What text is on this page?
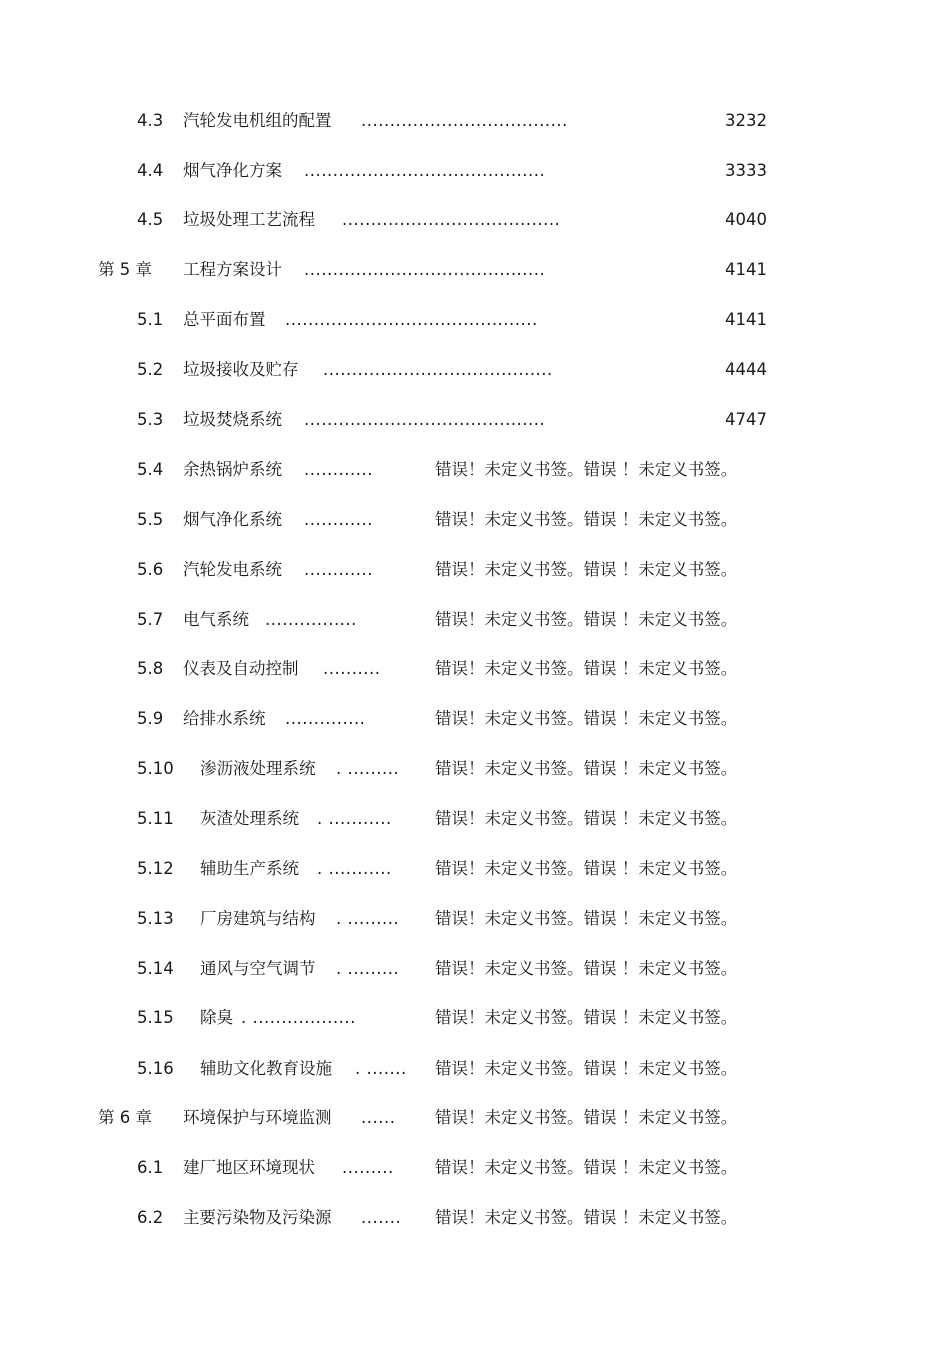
4.3 汽轮发电机组的配置 ....................................	3232
4.4 烟气净化方案 ..........................................	3333
4.5 垃圾处理工艺流程 ......................................	4040
第 5 章 工程方案设计 ..........................................	4141
5.1 总平面布置 ............................................	4141
5.2 垃圾接收及贮存 ........................................	4444
5.3 垃圾焚烧系统 ..........................................	4747
5.4 余热锅炉系统 ............	错误！未定义书签。错误 ！未定义书签。
5.5 烟气净化系统 ............	错误！未定义书签。错误 ！未定义书签。
5.6 汽轮发电系统 ............	错误！未定义书签。错误 ！未定义书签。
5.7 电气系统 ................	错误！未定义书签。错误 ！未定义书签。
5.8 仪表及自动控制 ..........	错误！未定义书签。错误 ！未定义书签。
5.9 给排水系统 ..............	错误！未定义书签。错误 ！未定义书签。
5.10 渗沥液处理系统 . ......... 错误！未定义书签。错误 ！未定义书签。
5.11 灰渣处理系统 . ...........	错误！未定义书签。错误 ！未定义书签。
5.12 辅助生产系统 . ...........	错误！未定义书签。错误 ！未定义书签。
5.13 厂房建筑与结构 . ......... 错误！未定义书签。错误 ！未定义书签。
5.14 通风与空气调节 . ......... 错误！未定义书签。错误 ！未定义书签。
5.15 除臭 . ..................	错误！未定义书签。错误 ！未定义书签。
5.16 辅助文化教育设施 . ....... 错误！未定义书签。错误 ！未定义书签。
第 6 章 环境保护与环境监测 ...... 错误！未定义书签。错误 ！未定义书签。
6.1 建厂地区环境现状 .........	错误！未定义书签。错误 ！未定义书签。
6.2 主要污染物及污染源 ....... 错误！未定义书签。错误 ！未定义书签。
